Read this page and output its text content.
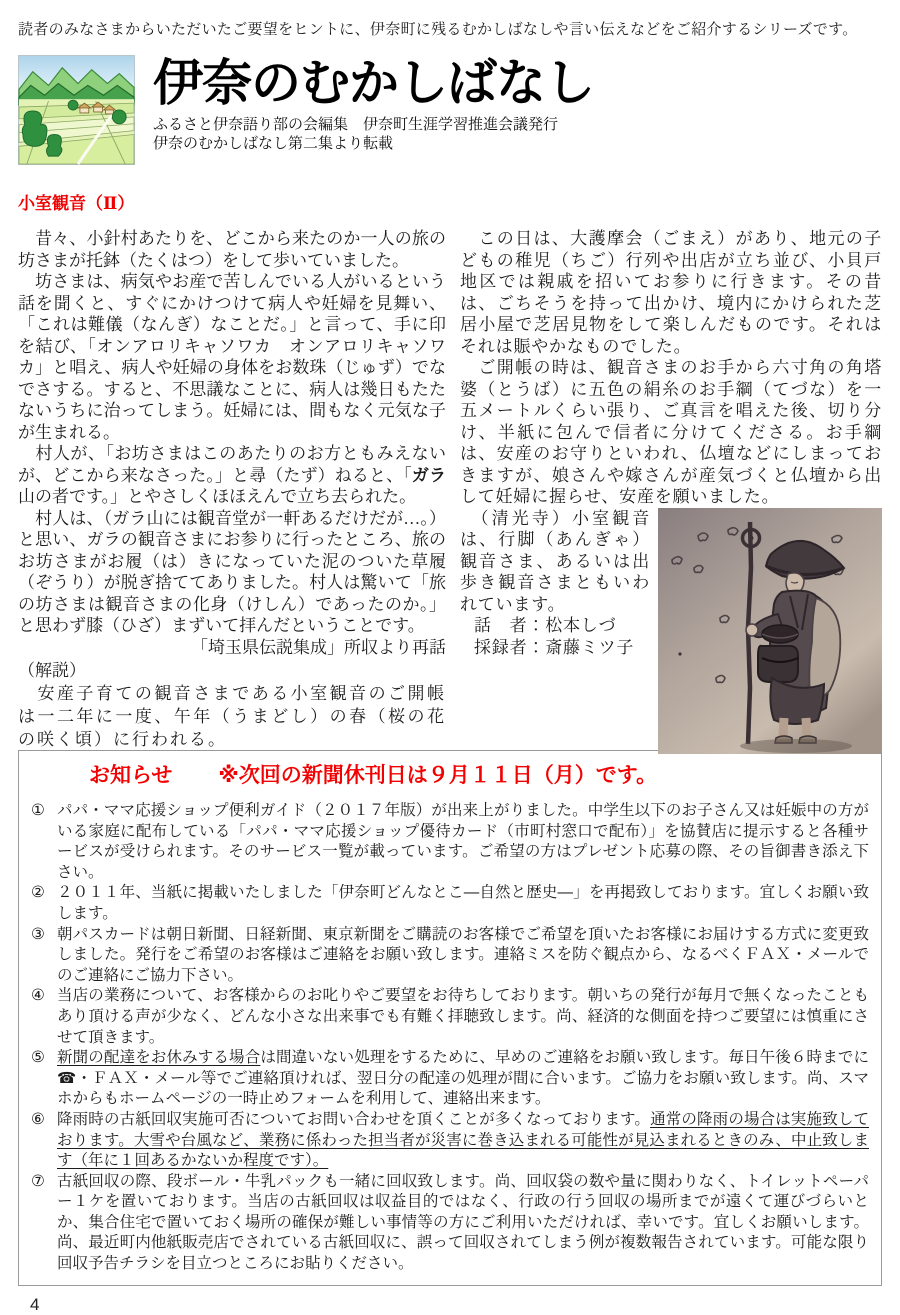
読者のみなさまからいただいたご要望をヒントに、伊奈町に残るむかしばなしや言い伝えなどをご紹介するシリーズです。
伊奈のむかしばなし
ふるさと伊奈語り部の会編集　伊奈町生涯学習推進会議発行
伊奈のむかしばなし第二集より転載
小室観音（Ⅱ）

　昔々、小針村あたりを、どこから来たのか一人の旅の坊さまが托鉢（たくはつ）をして歩いていました。

　坊さまは、病気やお産で苦しんでいる人がいるという話を聞くと、すぐにかけつけて病人や妊婦を見舞い、「これは難儀（なんぎ）なことだ。」と言って、手に印を結び、「オンアロリキャソワカ　オンアロリキャソワカ」と唱え、病人や妊婦の身体をお数珠（じゅず）でなでさする。すると、不思議なことに、病人は幾日もたたないうちに治ってしまう。妊婦には、間もなく元気な子が生まれる。

　村人が、「お坊さまはこのあたりのお方ともみえないが、どこから来なさった。」と尋（たず）ねると、「ガラ山の者です。」とやさしくほほえんで立ち去られた。

　村人は、（ガラ山には観音堂が一軒あるだけだが…。）と思い、ガラの観音さまにお参りに行ったところ、旅のお坊さまがお履（は）きになっていた泥のついた草履（ぞうり）が脱ぎ捨ててありました。村人は驚いて「旅の坊さまは観音さまの化身（けしん）であったのか。」と思わず膝（ひざ）まずいて拝んだということです。

「埼玉県伝説集成」所収より再話

（解説）

　安産子育ての観音さまである小室観音のご開帳は一二年に一度、午年（うまどし）の春（桜の花の咲く頃）に行われる。

　この日は、大護摩会（ごまえ）があり、地元の子どもの稚児（ちご）行列や出店が立ち並び、小貝戸地区では親戚を招いてお参りに行きます。その昔は、ごちそうを持って出かけ、境内にかけられた芝居小屋で芝居見物をして楽しんだものです。それはそれは賑やかなものでした。

　ご開帳の時は、観音さまのお手から六寸角の角塔婆（とうば）に五色の絹糸のお手綱（てづな）を一五メートルくらい張り、ご真言を唱えた後、切り分け、半紙に包んで信者に分けてくださる。お手綱は、安産のお守りといわれ、仏壇などにしまっておきますが、娘さんや嫁さんが産気づくと仏壇から出して妊婦に握らせ、安産を願いました。

　（清光寺）小室観音は、行脚（あんぎゃ）観音さま、あるいは出歩き観音さまともいわれています。

話　者：松本しづ

採録者：斎藤ミツ子

お知らせ ※次回の新聞休刊日は９月１１日（月）です。
① パパ・ママ応援ショップ便利ガイド（２０１７年版）が出来上がりました。中学生以下のお子さん又は妊娠中の方がいる家庭に配布している「パパ・ママ応援ショップ優待カード（市町村窓口で配布）」を協賛店に提示すると各種サービスが受けられます。そのサービス一覧が載っています。ご希望の方はプレゼント応募の際、その旨御書き添え下さい。
② ２０１１年、当紙に掲載いたしました「伊奈町どんなとこ―自然と歴史―」を再掲致しております。宜しくお願い致します。
③ 朝パスカードは朝日新聞、日経新聞、東京新聞をご購読のお客様でご希望を頂いたお客様にお届けする方式に変更致しました。発行をご希望のお客様はご連絡をお願い致します。連絡ミスを防ぐ観点から、なるべくＦＡＸ・メールでのご連絡にご協力下さい。
④ 当店の業務について、お客様からのお叱りやご要望をお待ちしております。朝いちの発行が毎月で無くなったこともあり頂ける声が少なく、どんな小さな出来事でも有難く拝聴致します。尚、経済的な側面を持つご要望には慎重にさせて頂きます。
⑤ 新聞の配達をお休みする場合は間違いない処理をするために、早めのご連絡をお願い致します。毎日午後６時までに☎・ＦＡＸ・メール等でご連絡頂ければ、翌日分の配達の処理が間に合います。ご協力をお願い致します。尚、スマホからもホームページの一時止めフォームを利用して、連絡出来ます。
⑥ 降雨時の古紙回収実施可否についてお問い合わせを頂くことが多くなっております。通常の降雨の場合は実施致しております。大雪や台風など、業務に係わった担当者が災害に巻き込まれる可能性が見込まれるときのみ、中止致します（年に１回あるかないか程度です）。
⑦ 古紙回収の際、段ボール・牛乳パックも一緒に回収致します。尚、回収袋の数や量に関わりなく、トイレットペーパー１ケを置いております。当店の古紙回収は収益目的ではなく、行政の行う回収の場所までが遠くて運びづらいとか、集合住宅で置いておく場所の確保が難しい事情等の方にご利用いただければ、幸いです。宜しくお願いします。尚、最近町内他紙販売店でされている古紙回収に、誤って回収されてしまう例が複数報告されています。可能な限り回収予告チラシを目立つところにお貼りください。
4
